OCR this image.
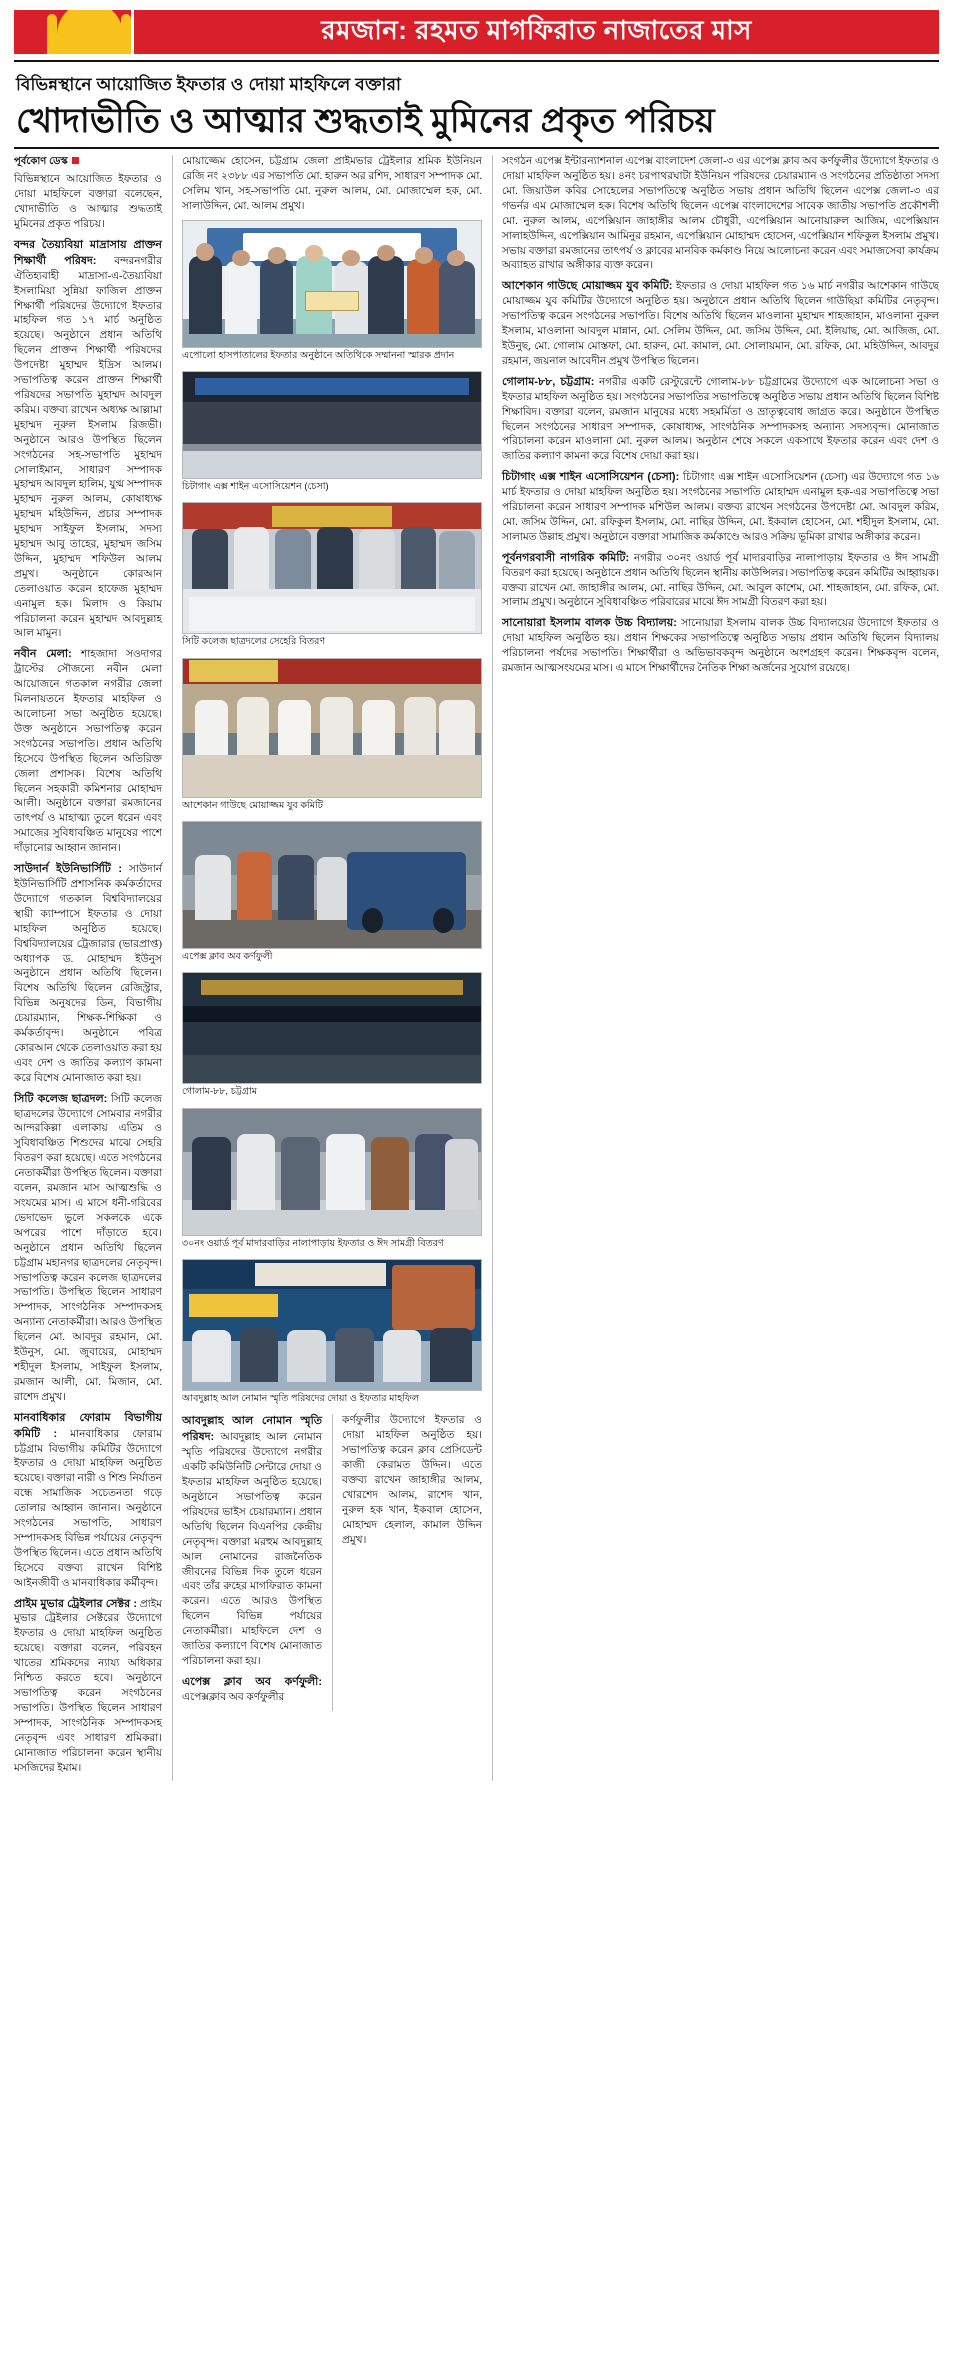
রমজান: রহমত মাগফিরাত নাজাতের মাস
বিভিন্নস্থানে আয়োজিত ইফতার ও দোয়া মাহফিলে বক্তারা
খোদাভীতি ও আত্মার শুদ্ধতাই মুমিনের প্রকৃত পরিচয়
পূর্বকোণ ডেস্ক

বিভিন্নস্থানে আয়োজিত ইফতার ও দোয়া মাহফিলে বক্তারা বলেছেন, খোদাভীতি ও আত্মার শুদ্ধতাই মুমিনের প্রকৃত পরিচয়।

বন্দর তৈয়্যবিয়া মাদ্রাসায় প্রাক্তন শিক্ষার্থী পরিষদ: বন্দরনগরীর ঐতিহ্যবাহী মাদ্রাসা-এ-তৈয়্যবিয়া ইসলামিয়া সুন্নিয়া ফাজিল প্রাক্তন শিক্ষার্থী পরিষদের উদ্যোগে ইফতার মাহফিল গত ১৭ মার্চ অনুষ্ঠিত হয়েছে। অনুষ্ঠানে প্রধান অতিথি ছিলেন প্রাক্তন শিক্ষার্থী পরিষদের উপদেষ্টা মুহাম্মদ ইদ্রিস আলম। সভাপতিত্ব করেন প্রাক্তন শিক্ষার্থী পরিষদের সভাপতি মুহাম্মদ আবদুল করিম। বক্তব্য রাখেন অধ্যক্ষ আল্লামা মুহাম্মদ নূরুল ইসলাম রিজভী। অনুষ্ঠানে আরও উপস্থিত ছিলেন সংগঠনের সহ-সভাপতি মুহাম্মদ সোলাইমান, সাধারণ সম্পাদক মুহাম্মদ আবদুল হালিম, যুগ্ম সম্পাদক মুহাম্মদ নুরুল আলম, কোষাধ্যক্ষ মুহাম্মদ মহিউদ্দিন, প্রচার সম্পাদক মুহাম্মদ সাইফুল ইসলাম, সদস্য মুহাম্মদ আবু তাহের, মুহাম্মদ জসিম উদ্দিন, মুহাম্মদ শফিউল আলম প্রমুখ। অনুষ্ঠানে কোরআন তেলাওয়াত করেন হাফেজ মুহাম্মদ এনামুল হক। মিলাদ ও কিয়াম পরিচালনা করেন মুহাম্মদ আবদুল্লাহ আল মামুন।

নবীন মেলা: শাহজাদা সওদাগর ট্রাস্টের সৌজন্যে নবীন মেলা আয়োজনে গতকাল নগরীর জেলা মিলনায়তনে ইফতার মাহফিল ও আলোচনা সভা অনুষ্ঠিত হয়েছে। উক্ত অনুষ্ঠানে সভাপতিত্ব করেন সংগঠনের সভাপতি। প্রধান অতিথি হিসেবে উপস্থিত ছিলেন অতিরিক্ত জেলা প্রশাসক। বিশেষ অতিথি ছিলেন সহকারী কমিশনার মোহাম্মদ আলী। অনুষ্ঠানে বক্তারা রমজানের তাৎপর্য ও মাহাত্ম্য তুলে ধরেন এবং সমাজের সুবিধাবঞ্চিত মানুষের পাশে দাঁড়ানোর আহ্বান জানান।

সাউদার্ন ইউনিভার্সিটি : সাউদার্ন ইউনিভার্সিটি প্রশাসনিক কর্মকর্তাদের উদ্যোগে গতকাল বিশ্ববিদ্যালয়ের স্থায়ী ক্যাম্পাসে ইফতার ও দোয়া মাহফিল অনুষ্ঠিত হয়েছে। বিশ্ববিদ্যালয়ের ট্রেজারার (ভারপ্রাপ্ত) অধ্যাপক ড. মোহাম্মদ ইউনুস অনুষ্ঠানে প্রধান অতিথি ছিলেন। বিশেষ অতিথি ছিলেন রেজিস্ট্রার, বিভিন্ন অনুষদের ডিন, বিভাগীয় চেয়ারম্যান, শিক্ষক-শিক্ষিকা ও কর্মকর্তাবৃন্দ। অনুষ্ঠানে পবিত্র কোরআন থেকে তেলাওয়াত করা হয় এবং দেশ ও জাতির কল্যাণ কামনা করে বিশেষ মোনাজাত করা হয়।

সিটি কলেজ ছাত্রদল: সিটি কলেজ ছাত্রদলের উদ্যোগে সোমবার নগরীর আন্দরকিল্লা এলাকায় এতিম ও সুবিধাবঞ্চিত শিশুদের মাঝে সেহরি বিতরণ করা হয়েছে। এতে সংগঠনের নেতাকর্মীরা উপস্থিত ছিলেন। বক্তারা বলেন, রমজান মাস আত্মশুদ্ধি ও সংযমের মাস। এ মাসে ধনী-গরিবের ভেদাভেদ ভুলে সকলকে একে অপরের পাশে দাঁড়াতে হবে। অনুষ্ঠানে প্রধান অতিথি ছিলেন চট্টগ্রাম মহানগর ছাত্রদলের নেতৃবৃন্দ। সভাপতিত্ব করেন কলেজ ছাত্রদলের সভাপতি। উপস্থিত ছিলেন সাধারণ সম্পাদক, সাংগঠনিক সম্পাদকসহ অন্যান্য নেতাকর্মীরা। আরও উপস্থিত ছিলেন মো. আবদুর রহমান, মো. ইউনুস, মো. জুবায়ের, মোহাম্মদ শহীদুল ইসলাম, সাইফুল ইসলাম, রমজান আলী, মো. মিজান, মো. রাশেদ প্রমুখ।

মানবাধিকার ফোরাম বিভাগীয় কমিটি : মানবাধিকার ফোরাম চট্টগ্রাম বিভাগীয় কমিটির উদ্যোগে ইফতার ও দোয়া মাহফিল অনুষ্ঠিত হয়েছে। বক্তারা নারী ও শিশু নির্যাতন বন্ধে সামাজিক সচেতনতা গড়ে তোলার আহ্বান জানান। অনুষ্ঠানে সংগঠনের সভাপতি, সাধারণ সম্পাদকসহ বিভিন্ন পর্যায়ের নেতৃবৃন্দ উপস্থিত ছিলেন। এতে প্রধান অতিথি হিসেবে বক্তব্য রাখেন বিশিষ্ট আইনজীবী ও মানবাধিকার কর্মীবৃন্দ।

প্রাইম মুভার ট্রেইলার সেক্টর : প্রাইম মুভার ট্রেইলার সেক্টরের উদ্যোগে ইফতার ও দোয়া মাহফিল অনুষ্ঠিত হয়েছে। বক্তারা বলেন, পরিবহন খাতের শ্রমিকদের ন্যায্য অধিকার নিশ্চিত করতে হবে। অনুষ্ঠানে সভাপতিত্ব করেন সংগঠনের সভাপতি। উপস্থিত ছিলেন সাধারণ সম্পাদক, সাংগঠনিক সম্পাদকসহ নেতৃবৃন্দ এবং সাধারণ শ্রমিকরা। মোনাজাত পরিচালনা করেন স্থানীয় মসজিদের ইমাম।

মোয়াজ্জেম হোসেন, চট্টগ্রাম জেলা প্রাইমভার ট্রেইলার শ্রমিক ইউনিয়ন রেজি নং ২৩৮৮ এর সভাপতি মো. হারুন অর রশিদ, সাধারণ সম্পাদক মো. সেলিম খান, সহ-সভাপতি মো. নুরুল আলম, মো. মোজাম্মেল হক, মো. সালাউদ্দিন, মো. আলম প্রমুখ।

এপোলো হাসপাতালের ইফতার অনুষ্ঠানে অতিথিকে সম্মাননা স্মারক প্রদান
চিটাগাং এক্স শাইন এসোসিয়েশন (চেসা)
সিটি কলেজ ছাত্রদলের সেহেরি বিতরণ
আশেকান গাউছে মোয়াজ্জম যুব কমিটি
এপেক্স ক্লাব অব কর্ণফুলী
গোলাম-৮৮, চট্টগ্রাম
৩০নং ওয়ার্ড পূর্ব মাদারবাড়ির নালাপাড়ায় ইফতার ও ঈদ সামগ্রী বিতরণ
আবদুল্লাহ আল নোমান স্মৃতি পরিষদের দোয়া ও ইফতার মাহফিল

আবদুল্লাহ আল নোমান স্মৃতি পরিষদ: আবদুল্লাহ আল নোমান স্মৃতি পরিষদের উদ্যোগে নগরীর একটি কমিউনিটি সেন্টারে দোয়া ও ইফতার মাহফিল অনুষ্ঠিত হয়েছে। অনুষ্ঠানে সভাপতিত্ব করেন পরিষদের ভাইস চেয়ারম্যান। প্রধান অতিথি ছিলেন বিএনপির কেন্দ্রীয় নেতৃবৃন্দ। বক্তারা মরহুম আবদুল্লাহ আল নোমানের রাজনৈতিক জীবনের বিভিন্ন দিক তুলে ধরেন এবং তাঁর রুহের মাগফিরাত কামনা করেন। এতে আরও উপস্থিত ছিলেন বিভিন্ন পর্যায়ের নেতাকর্মীরা। মাহফিলে দেশ ও জাতির কল্যাণে বিশেষ মোনাজাত পরিচালনা করা হয়।

এপেক্স ক্লাব অব কর্ণফুলী: এপেক্সক্লাব অব কর্ণফুলীর

কর্ণফুলীর উদ্যোগে ইফতার ও দোয়া মাহফিল অনুষ্ঠিত হয়। সভাপতিত্ব করেন ক্লাব প্রেসিডেন্ট কাজী কেরামত উদ্দিন। এতে বক্তব্য রাখেন জাহাঙ্গীর আলম, খোরশেদ আলম, রাশেদ খান, নুরুল হক খান, ইকবাল হোসেন, মোহাম্মদ হেলাল, কামাল উদ্দিন প্রমুখ।

সংগঠন এপেক্স ইন্টারন্যাশনাল এপেক্স বাংলাদেশ জেলা-৩ এর এপেক্স ক্লাব অব কর্ণফুলীর উদ্যোগে ইফতার ও দোয়া মাহফিল অনুষ্ঠিত হয়। ৪নং চরপাথরঘাটা ইউনিয়ন পরিষদের চেয়ারম্যান ও সংগঠনের প্রতিষ্ঠাতা সদস্য মো. জিয়াউল কবির সোহেলের সভাপতিত্বে অনুষ্ঠিত সভায় প্রধান অতিথি ছিলেন এপেক্স জেলা-৩ এর গভর্নর এম মোজাম্মেল হক। বিশেষ অতিথি ছিলেন এপেক্স বাংলাদেশের সাবেক জাতীয় সভাপতি প্রকৌশলী মো. নুরুল আলম, এপেক্সিয়ান জাহাঙ্গীর আলম চৌধুরী, এপেক্সিয়ান আনোয়ারুল আজিম, এপেক্সিয়ান সালাহউদ্দিন, এপেক্সিয়ান আমিনুর রহমান, এপেক্সিয়ান মোহাম্মদ হোসেন, এপেক্সিয়ান শফিকুল ইসলাম প্রমুখ। সভায় বক্তারা রমজানের তাৎপর্য ও ক্লাবের মানবিক কর্মকাণ্ড নিয়ে আলোচনা করেন এবং সমাজসেবা কার্যক্রম অব্যাহত রাখার অঙ্গীকার ব্যক্ত করেন।

আশেকান গাউছে মোয়াজ্জম যুব কমিটি: ইফতার ও দোয়া মাহফিল গত ১৬ মার্চ নগরীর আশেকান গাউছে মোয়াজ্জম যুব কমিটির উদ্যোগে অনুষ্ঠিত হয়। অনুষ্ঠানে প্রধান অতিথি ছিলেন গাউছিয়া কমিটির নেতৃবৃন্দ। সভাপতিত্ব করেন সংগঠনের সভাপতি। বিশেষ অতিথি ছিলেন মাওলানা মুহাম্মদ শাহজাহান, মাওলানা নুরুল ইসলাম, মাওলানা আবদুল মান্নান, মো. সেলিম উদ্দিন, মো. জসিম উদ্দিন, মো. ইলিয়াছ, মো. আজিজ, মো. ইউনুছ, মো. গোলাম মোস্তফা, মো. হারুন, মো. কামাল, মো. সোলায়মান, মো. রফিক, মো. মহিউদ্দিন, আবদুর রহমান, জয়নাল আবেদীন প্রমুখ উপস্থিত ছিলেন।

গোলাম-৮৮, চট্টগ্রাম: নগরীর একটি রেস্টুরেন্টে গোলাম-৮৮ চট্টগ্রামের উদ্যোগে এক আলোচনা সভা ও ইফতার মাহফিল অনুষ্ঠিত হয়। সংগঠনের সভাপতির সভাপতিত্বে অনুষ্ঠিত সভায় প্রধান অতিথি ছিলেন বিশিষ্ট শিক্ষাবিদ। বক্তারা বলেন, রমজান মানুষের মধ্যে সহমর্মিতা ও ভ্রাতৃত্ববোধ জাগ্রত করে। অনুষ্ঠানে উপস্থিত ছিলেন সংগঠনের সাধারণ সম্পাদক, কোষাধ্যক্ষ, সাংগঠনিক সম্পাদকসহ অন্যান্য সদস্যবৃন্দ। মোনাজাত পরিচালনা করেন মাওলানা মো. নুরুল আলম। অনুষ্ঠান শেষে সকলে একসাথে ইফতার করেন এবং দেশ ও জাতির কল্যাণ কামনা করে বিশেষ দোয়া করা হয়।

চিটাগাং এক্স শাইন এসোসিয়েশন (চেসা): চিটাগাং এক্স শাইন এসোসিয়েশন (চেসা) এর উদ্যোগে গত ১৬ মার্চ ইফতার ও দোয়া মাহফিল অনুষ্ঠিত হয়। সংগঠনের সভাপতি মোহাম্মদ এনামুল হক-এর সভাপতিত্বে সভা পরিচালনা করেন সাধারণ সম্পাদক মশিউল আলম। বক্তব্য রাখেন সংগঠনের উপদেষ্টা মো. আবদুল করিম, মো. জসিম উদ্দিন, মো. রফিকুল ইসলাম, মো. নাছির উদ্দিন, মো. ইকবাল হোসেন, মো. শহীদুল ইসলাম, মো. সালামত উল্লাহ প্রমুখ। অনুষ্ঠানে বক্তারা সামাজিক কর্মকাণ্ডে আরও সক্রিয় ভূমিকা রাখার অঙ্গীকার করেন।

পূর্বনগরবাসী নাগরিক কমিটি: নগরীর ৩০নং ওয়ার্ড পূর্ব মাদারবাড়ির নালাপাড়ায় ইফতার ও ঈদ সামগ্রী বিতরণ করা হয়েছে। অনুষ্ঠানে প্রধান অতিথি ছিলেন স্থানীয় কাউন্সিলর। সভাপতিত্ব করেন কমিটির আহ্বায়ক। বক্তব্য রাখেন মো. জাহাঙ্গীর আলম, মো. নাছির উদ্দিন, মো. আবুল কাশেম, মো. শাহজাহান, মো. রফিক, মো. সালাম প্রমুখ। অনুষ্ঠানে সুবিধাবঞ্চিত পরিবারের মাঝে ঈদ সামগ্রী বিতরণ করা হয়।

সানোয়ারা ইসলাম বালক উচ্চ বিদ্যালয়: সানোয়ারা ইসলাম বালক উচ্চ বিদ্যালয়ের উদ্যোগে ইফতার ও দোয়া মাহফিল অনুষ্ঠিত হয়। প্রধান শিক্ষকের সভাপতিত্বে অনুষ্ঠিত সভায় প্রধান অতিথি ছিলেন বিদ্যালয় পরিচালনা পর্ষদের সভাপতি। শিক্ষার্থীরা ও অভিভাবকবৃন্দ অনুষ্ঠানে অংশগ্রহণ করেন। শিক্ষকবৃন্দ বলেন, রমজান আত্মসংযমের মাস। এ মাসে শিক্ষার্থীদের নৈতিক শিক্ষা অর্জনের সুযোগ রয়েছে।
